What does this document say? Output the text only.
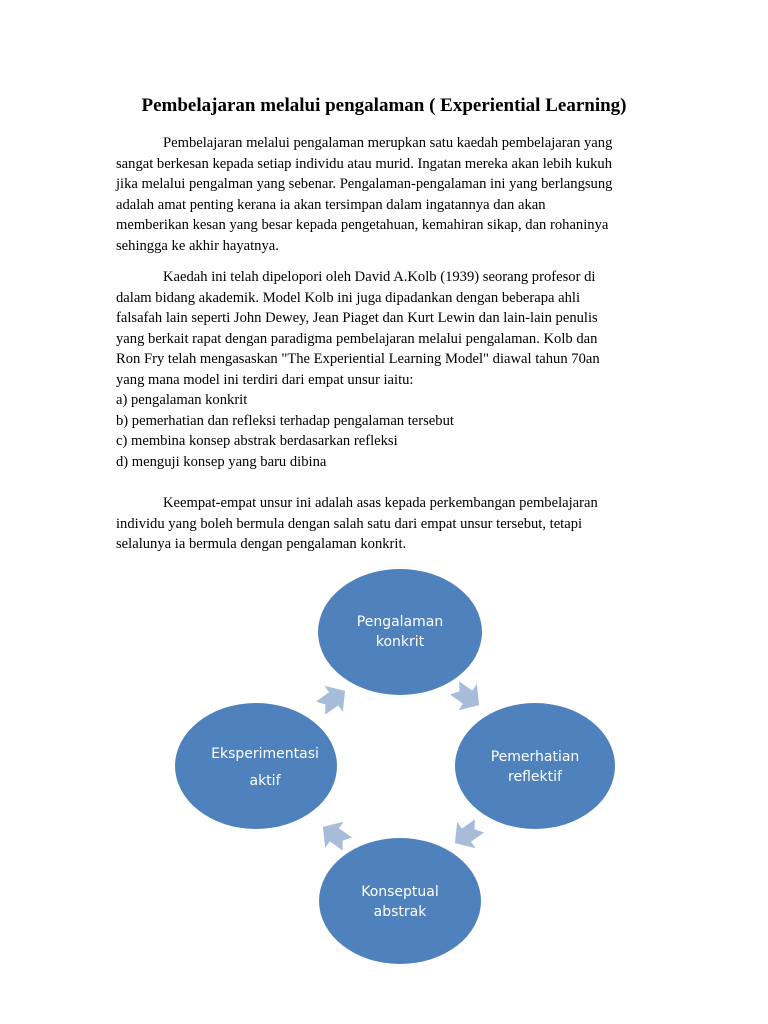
Pembelajaran melalui pengalaman ( Experiential Learning)
Pembelajaran melalui pengalaman merupkan satu kaedah pembelajaran yang
sangat berkesan kepada setiap individu atau murid. Ingatan mereka akan lebih kukuh
jika melalui pengalman yang sebenar. Pengalaman-pengalaman ini yang berlangsung
adalah amat penting kerana ia akan tersimpan dalam ingatannya dan akan
memberikan kesan yang besar kepada pengetahuan, kemahiran sikap, dan rohaninya
sehingga ke akhir hayatnya.
Kaedah ini telah dipelopori oleh David A.Kolb (1939) seorang profesor di
dalam bidang akademik. Model Kolb ini juga dipadankan dengan beberapa ahli
falsafah lain seperti John Dewey, Jean Piaget dan Kurt Lewin dan lain-lain penulis
yang berkait rapat dengan paradigma pembelajaran melalui pengalaman. Kolb dan
Ron Fry telah mengasaskan "The Experiential Learning Model" diawal tahun 70an
yang mana model ini terdiri dari empat unsur iaitu:
a) pengalaman konkrit
b) pemerhatian dan refleksi terhadap pengalaman tersebut
c) membina konsep abstrak berdasarkan refleksi
d) menguji konsep yang baru dibina
Keempat-empat unsur ini adalah asas kepada perkembangan pembelajaran
individu yang boleh bermula dengan salah satu dari empat unsur tersebut, tetapi
selalunya ia bermula dengan pengalaman konkrit.
Pengalaman
konkrit
Pemerhatian
reflektif
Konseptual
abstrak
Eksperimentasi
aktif
